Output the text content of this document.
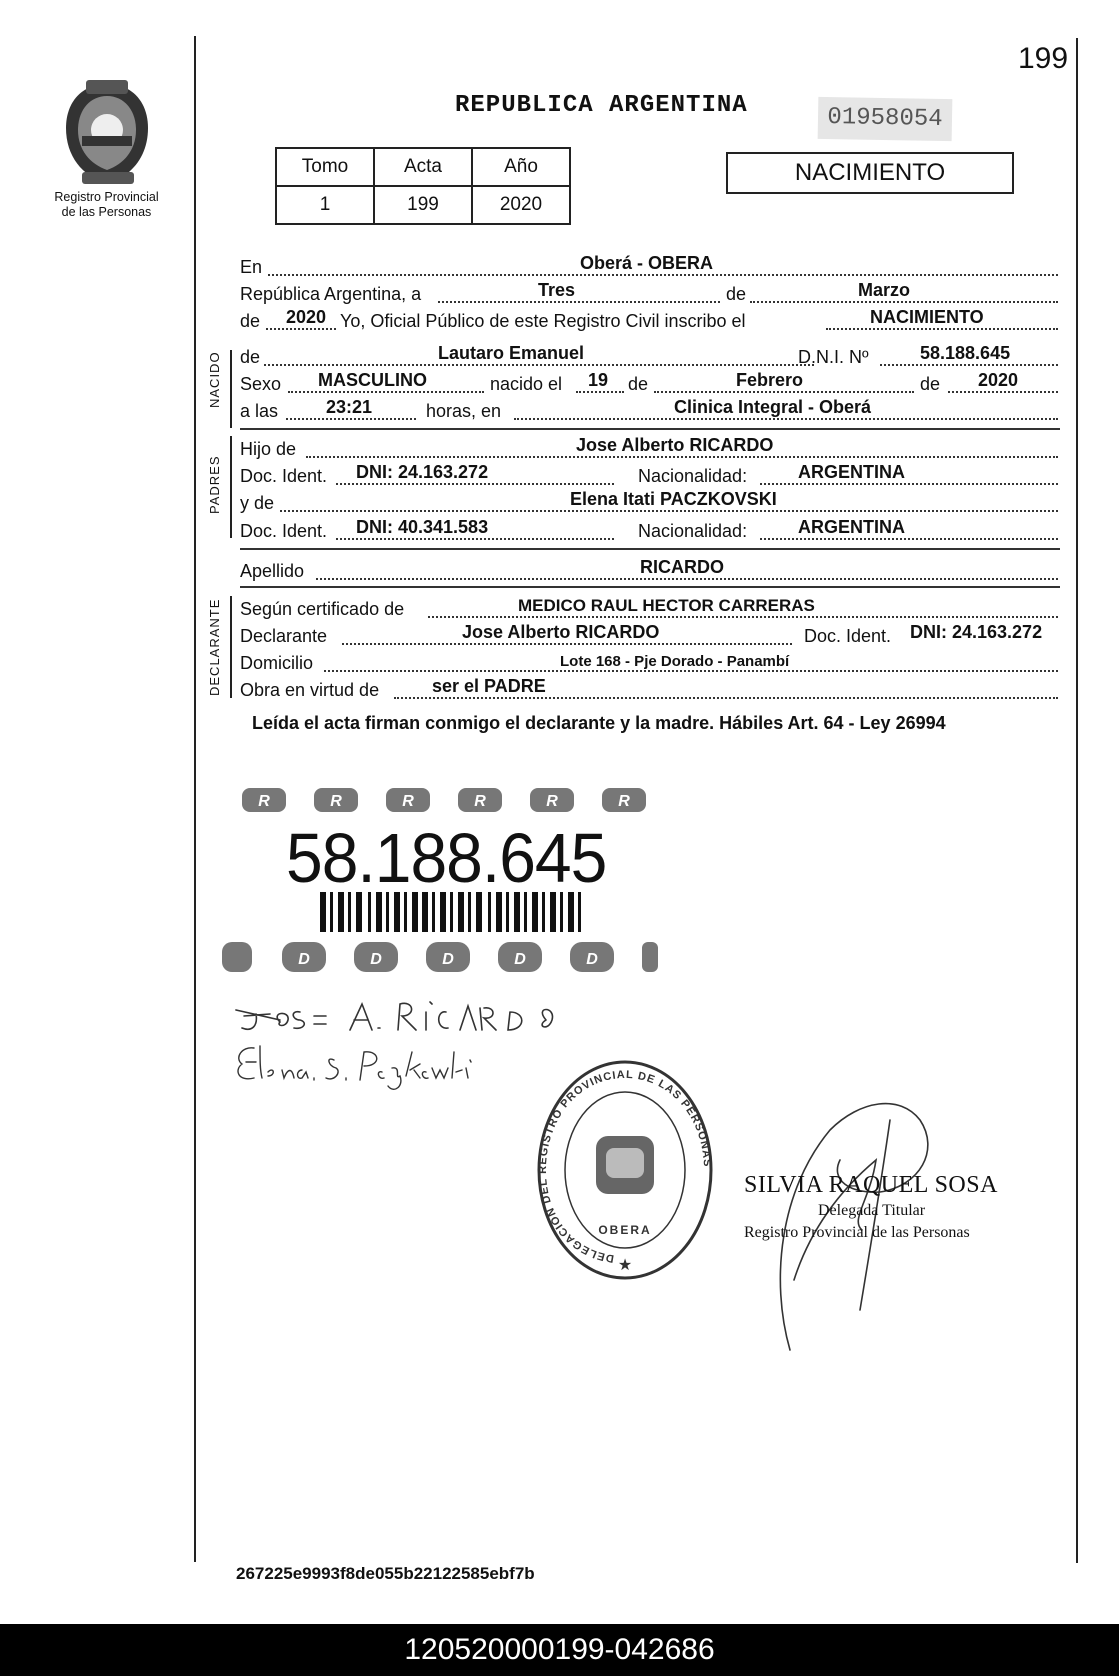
199
Registro Provincial
de las Personas
REPUBLICA ARGENTINA	01958054
Tomo	Acta	Año
1	199	2020
NACIMIENTO
En	Oberá - OBERA
República Argentina, a	Tres	de	Marzo
de 2020 Yo, Oficial Público de este Registro Civil inscribo el	NACIMIENTO
NACIDO de	Lautaro Emanuel	D.N.I. Nº	58.188.645
Sexo MASCULINO	nacido el 19 de	Febrero	de 2020
a las	23:21	horas, en	Clinica Integral - Oberá
PADRES
Hijo de	Jose Alberto RICARDO
Doc. Ident. DNI: 24.163.272	Nacionalidad:	ARGENTINA
y de	Elena Itati PACZKOVSKI
Doc. Ident. DNI: 40.341.583	Nacionalidad:	ARGENTINA
Apellido	RICARDO
DECLARANTE Según certificado de	MEDICO RAUL HECTOR CARRERAS
Declarante	Jose Alberto RICARDO	Doc. Ident. DNI: 24.163.272
Domicilio	Lote 168 - Pje Dorado - Panambí
Obra en virtud de	ser el PADRE
Leída el acta firman conmigo el declarante y la madre. Hábiles Art. 64 - Ley 26994
R	R	R	R	R	R
D	D	D	D	D
58.188.645
DELEGACION DEL REGISTRO PROVINCIAL DE LAS PERSONAS
OBERA
★
SILVIA RAQUEL SOSA
Delegada Titular
Registro Provincial de las Personas
267225e9993f8de055b22122585ebf7b
120520000199-042686
